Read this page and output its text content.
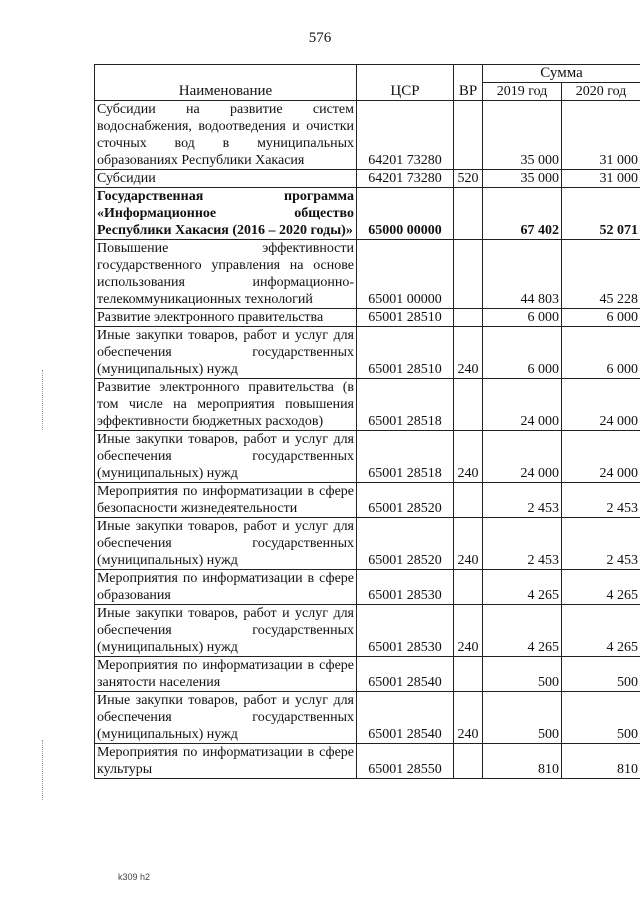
576
Наименование	ЦСР	ВР	Сумма	
			2019 год	2020 год
Субсидии на развитие систем водоснабжения, водоотведения и очистки сточных вод в муниципальных образованиях Республики Хакасия	64201 73280		35 000	31 000
Субсидии	64201 73280	520	35 000	31 000
Государственная программа «Информационное общество Республики Хакасия (2016 – 2020 годы)»	65000 00000		67 402	52 071
Повышение эффективности государственного управления на основе использования информационно-телекоммуникационных технологий	65001 00000		44 803	45 228
Развитие электронного правительства	65001 28510		6 000	6 000
Иные закупки товаров, работ и услуг для обеспечения государственных (муниципальных) нужд	65001 28510	240	6 000	6 000
Развитие электронного правительства (в том числе на мероприятия повышения эффективности бюджетных расходов)	65001 28518		24 000	24 000
Иные закупки товаров, работ и услуг для обеспечения государственных (муниципальных) нужд	65001 28518	240	24 000	24 000
Мероприятия по информатизации в сфере безопасности жизнедеятельности	65001 28520		2 453	2 453
Иные закупки товаров, работ и услуг для обеспечения государственных (муниципальных) нужд	65001 28520	240	2 453	2 453
Мероприятия по информатизации в сфере образования	65001 28530		4 265	4 265
Иные закупки товаров, работ и услуг для обеспечения государственных (муниципальных) нужд	65001 28530	240	4 265	4 265
Мероприятия по информатизации в сфере занятости населения	65001 28540		500	500
Иные закупки товаров, работ и услуг для обеспечения государственных (муниципальных) нужд	65001 28540	240	500	500
Мероприятия по информатизации в сфере культуры	65001 28550		810	810
k309 h2
